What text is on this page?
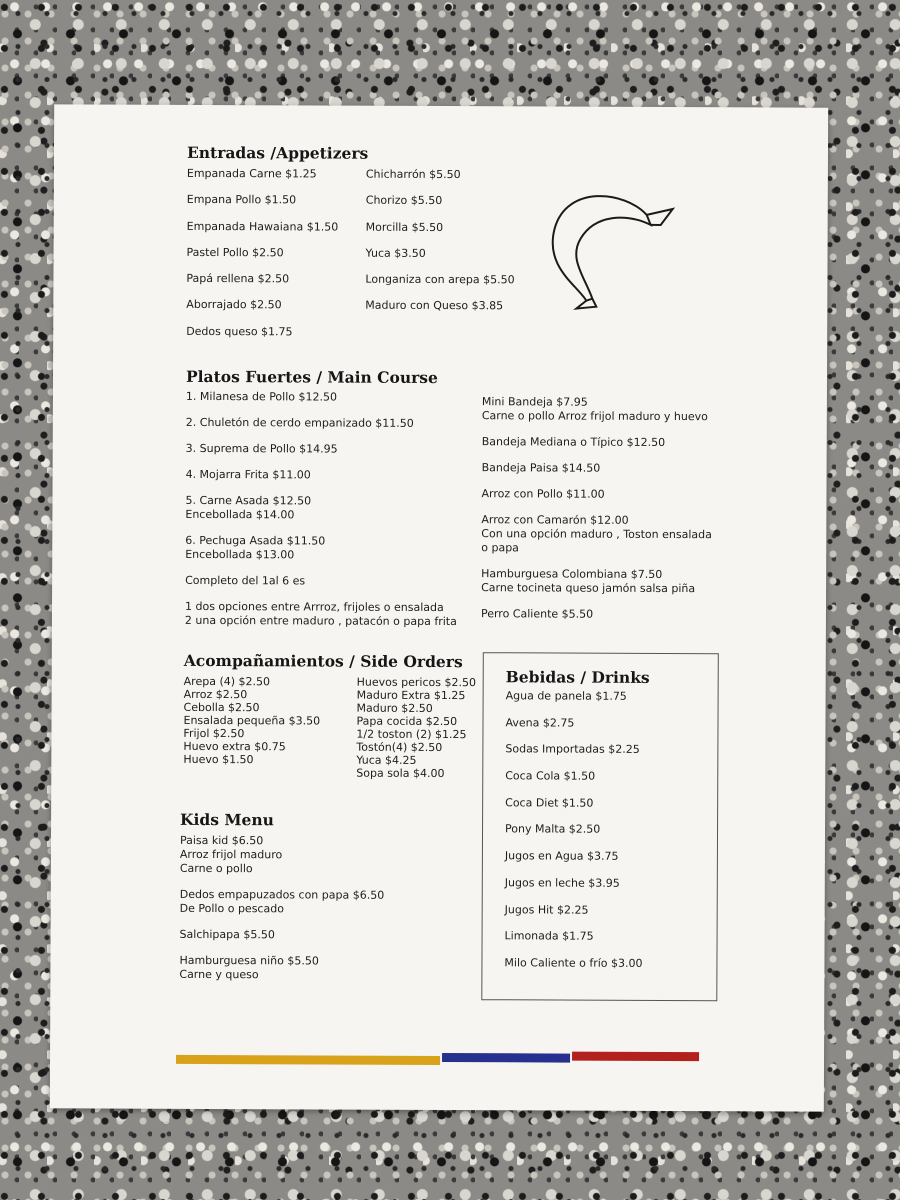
Entradas /Appetizers
Empanada Carne $1.25
Empana Pollo $1.50
Empanada Hawaiana $1.50
Pastel Pollo $2.50
Papá rellena $2.50
Aborrajado $2.50
Dedos queso $1.75
Chicharrón $5.50
Chorizo $5.50
Morcilla $5.50
Yuca $3.50
Longaniza con arepa $5.50
Maduro con Queso $3.85
Platos Fuertes / Main Course
1. Milanesa de Pollo $12.50
2. Chuletón de cerdo empanizado $11.50
3. Suprema de Pollo $14.95
4. Mojarra Frita $11.00
5. Carne Asada $12.50
Encebollada $14.00
6. Pechuga Asada $11.50
Encebollada $13.00
Completo del 1al 6 es
1 dos opciones entre Arrroz, frijoles o ensalada
2 una opción entre maduro , patacón o papa frita
Mini Bandeja $7.95
Carne o pollo Arroz frijol maduro y huevo
Bandeja Mediana o Típico $12.50
Bandeja Paisa $14.50
Arroz con Pollo $11.00
Arroz con Camarón $12.00
Con una opción maduro , Toston ensalada
o papa
Hamburguesa Colombiana $7.50
Carne tocineta queso jamón salsa piña
Perro Caliente $5.50
Acompañamientos / Side Orders
Arepa (4) $2.50
Arroz $2.50
Cebolla $2.50
Ensalada pequeña $3.50
Frijol $2.50
Huevo extra $0.75
Huevo $1.50
Huevos pericos $2.50
Maduro Extra $1.25
Maduro $2.50
Papa cocida $2.50
1/2 toston (2) $1.25
Tostón(4) $2.50
Yuca $4.25
Sopa sola $4.00
Kids Menu
Paisa kid $6.50
Arroz frijol maduro
Carne o pollo
Dedos empapuzados con papa $6.50
De Pollo o pescado
Salchipapa $5.50
Hamburguesa niño $5.50
Carne y queso
Bebidas / Drinks
Agua de panela $1.75
Avena $2.75
Sodas Importadas $2.25
Coca Cola $1.50
Coca Diet $1.50
Pony Malta $2.50
Jugos en Agua $3.75
Jugos en leche $3.95
Jugos Hit $2.25
Limonada $1.75
Milo Caliente o frío $3.00
